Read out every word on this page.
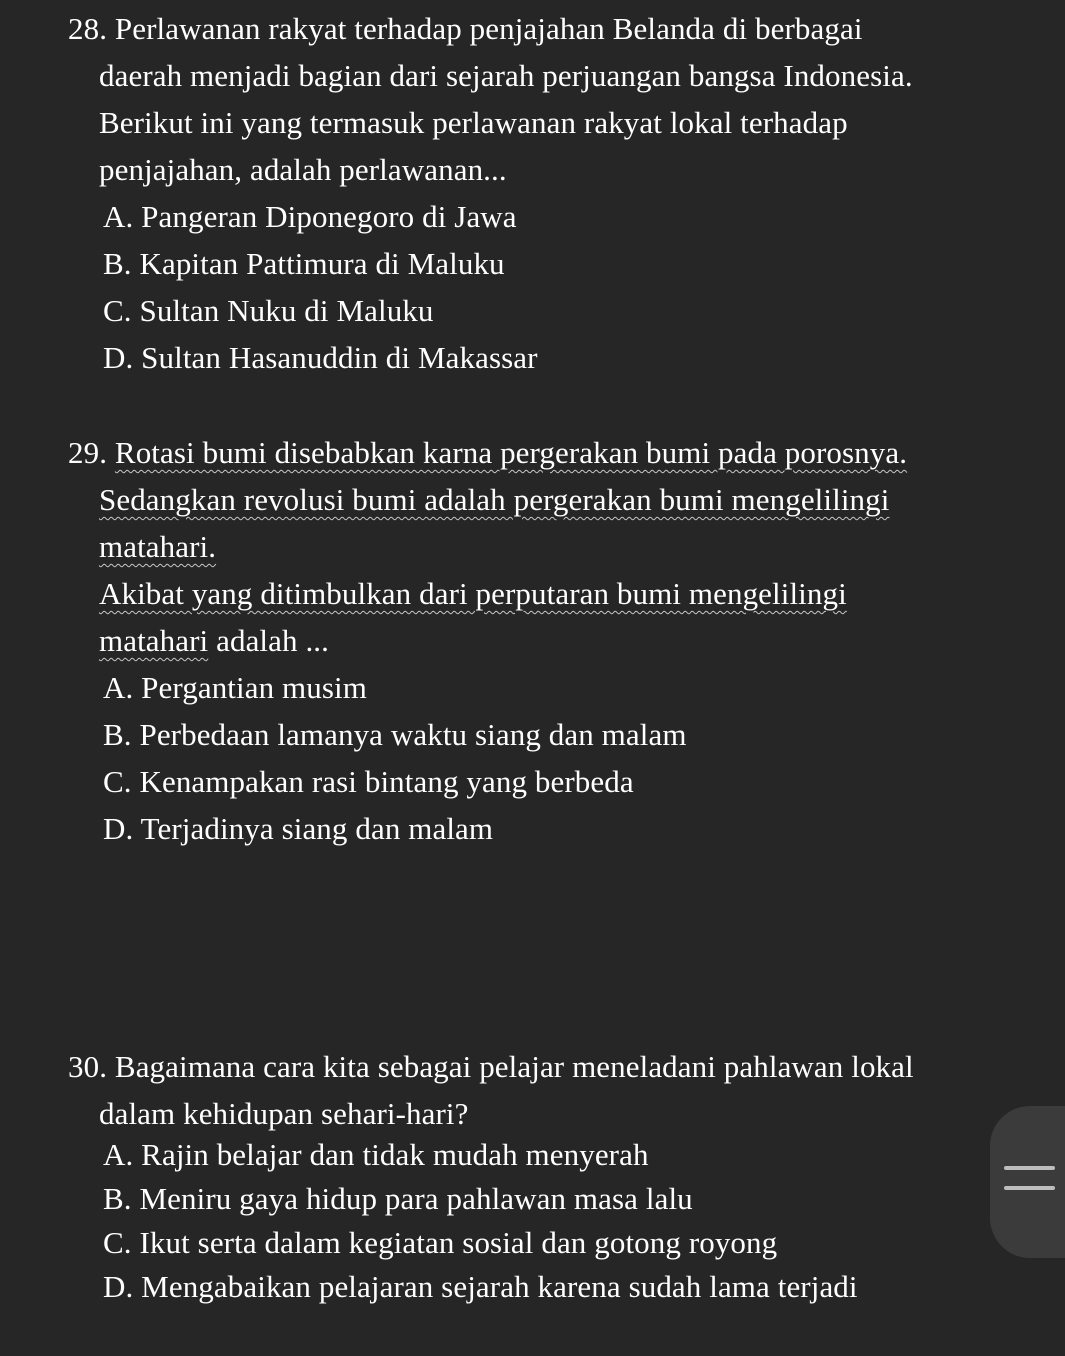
28. Perlawanan rakyat terhadap penjajahan Belanda di berbagai
daerah menjadi bagian dari sejarah perjuangan bangsa Indonesia.
Berikut ini yang termasuk perlawanan rakyat lokal terhadap
penjajahan, adalah perlawanan...
A. Pangeran Diponegoro di Jawa
B. Kapitan Pattimura di Maluku
C. Sultan Nuku di Maluku
D. Sultan Hasanuddin di Makassar
29. Rotasi bumi disebabkan karna pergerakan bumi pada porosnya.
Sedangkan revolusi bumi adalah pergerakan bumi mengelilingi
matahari.
Akibat yang ditimbulkan dari perputaran bumi mengelilingi
matahari adalah ...
A. Pergantian musim
B. Perbedaan lamanya waktu siang dan malam
C. Kenampakan rasi bintang yang berbeda
D. Terjadinya siang dan malam
30. Bagaimana cara kita sebagai pelajar meneladani pahlawan lokal
dalam kehidupan sehari-hari?
A. Rajin belajar dan tidak mudah menyerah
B. Meniru gaya hidup para pahlawan masa lalu
C. Ikut serta dalam kegiatan sosial dan gotong royong
D. Mengabaikan pelajaran sejarah karena sudah lama terjadi
